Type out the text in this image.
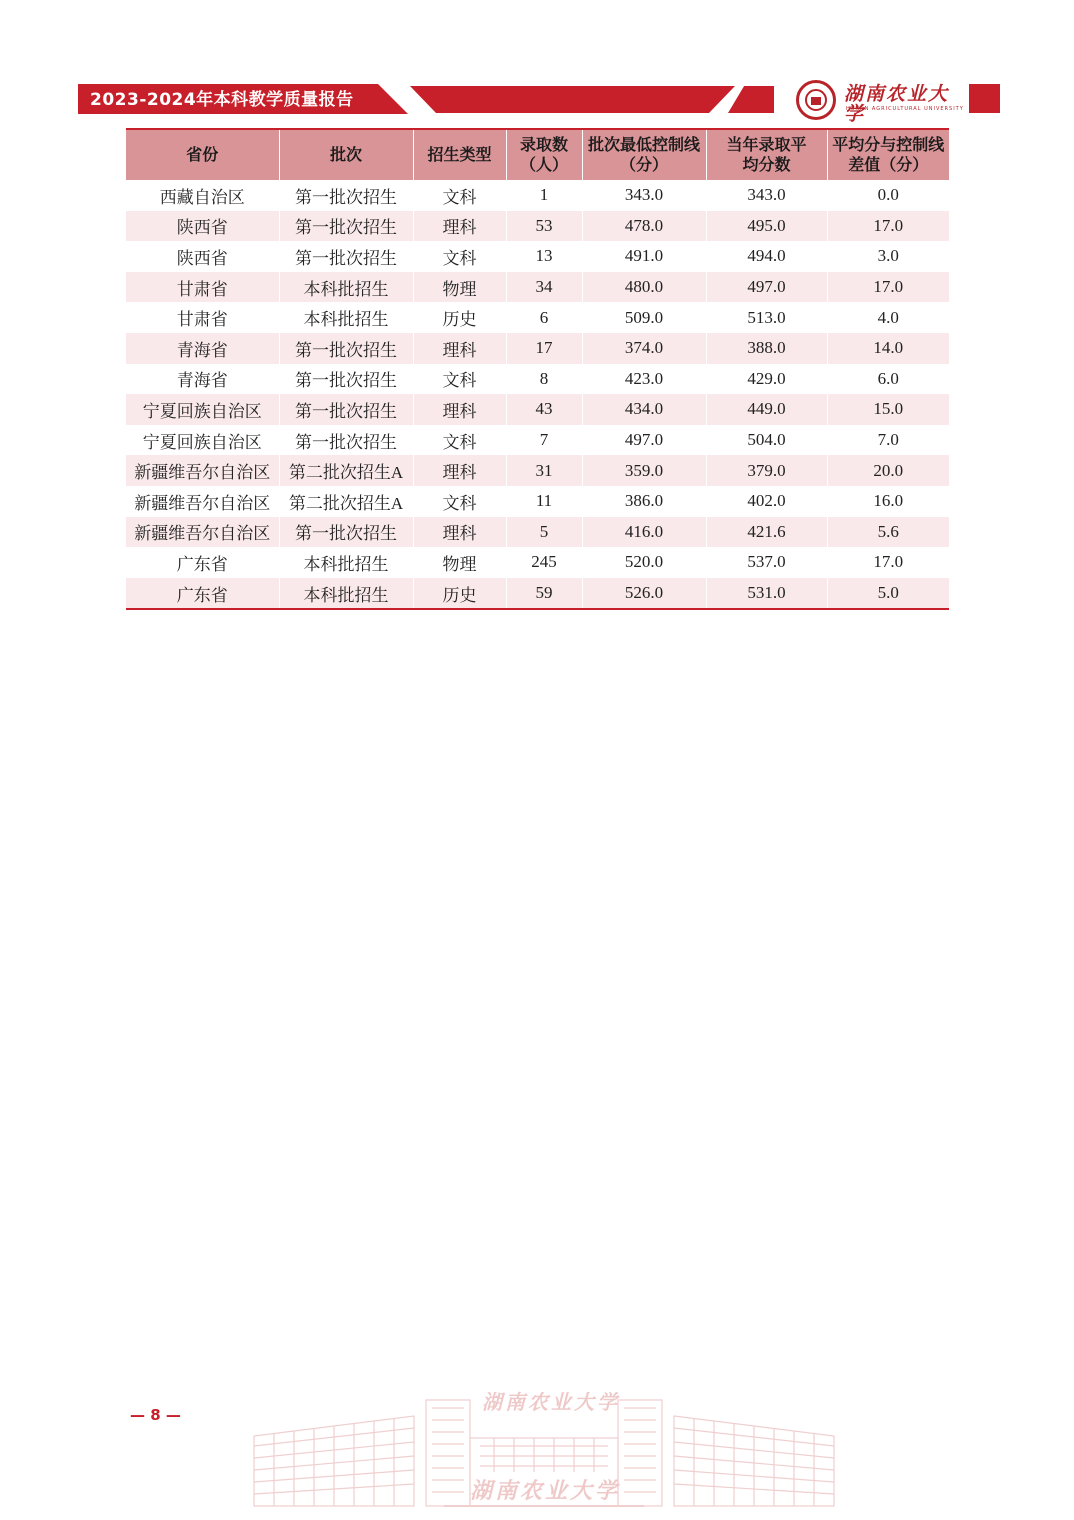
2023-2024年本科教学质量报告	湖南农业大学
HUNAN AGRICULTURAL UNIVERSITY
省份	批次	招生类型	录取数（人）	批次最低控制线（分）	当年录取平均分数	平均分与控制线差值（分）

西藏自治区	第一批次招生	文科	1	343.0	343.0	0.0
陕西省	第一批次招生	理科	53	478.0	495.0	17.0
陕西省	第一批次招生	文科	13	491.0	494.0	3.0
甘肃省	本科批招生	物理	34	480.0	497.0	17.0
甘肃省	本科批招生	历史	6	509.0	513.0	4.0
青海省	第一批次招生	理科	17	374.0	388.0	14.0
青海省	第一批次招生	文科	8	423.0	429.0	6.0
宁夏回族自治区	第一批次招生	理科	43	434.0	449.0	15.0
宁夏回族自治区	第一批次招生	文科	7	497.0	504.0	7.0
新疆维吾尔自治区	第二批次招生A	理科	31	359.0	379.0	20.0
新疆维吾尔自治区	第二批次招生A	文科	11	386.0	402.0	16.0
新疆维吾尔自治区	第一批次招生	理科	5	416.0	421.6	5.6
广东省	本科批招生	物理	245	520.0	537.0	17.0
广东省	本科批招生	历史	59	526.0	531.0	5.0
— 8 —
湖南农业大学
湖南农业大学
